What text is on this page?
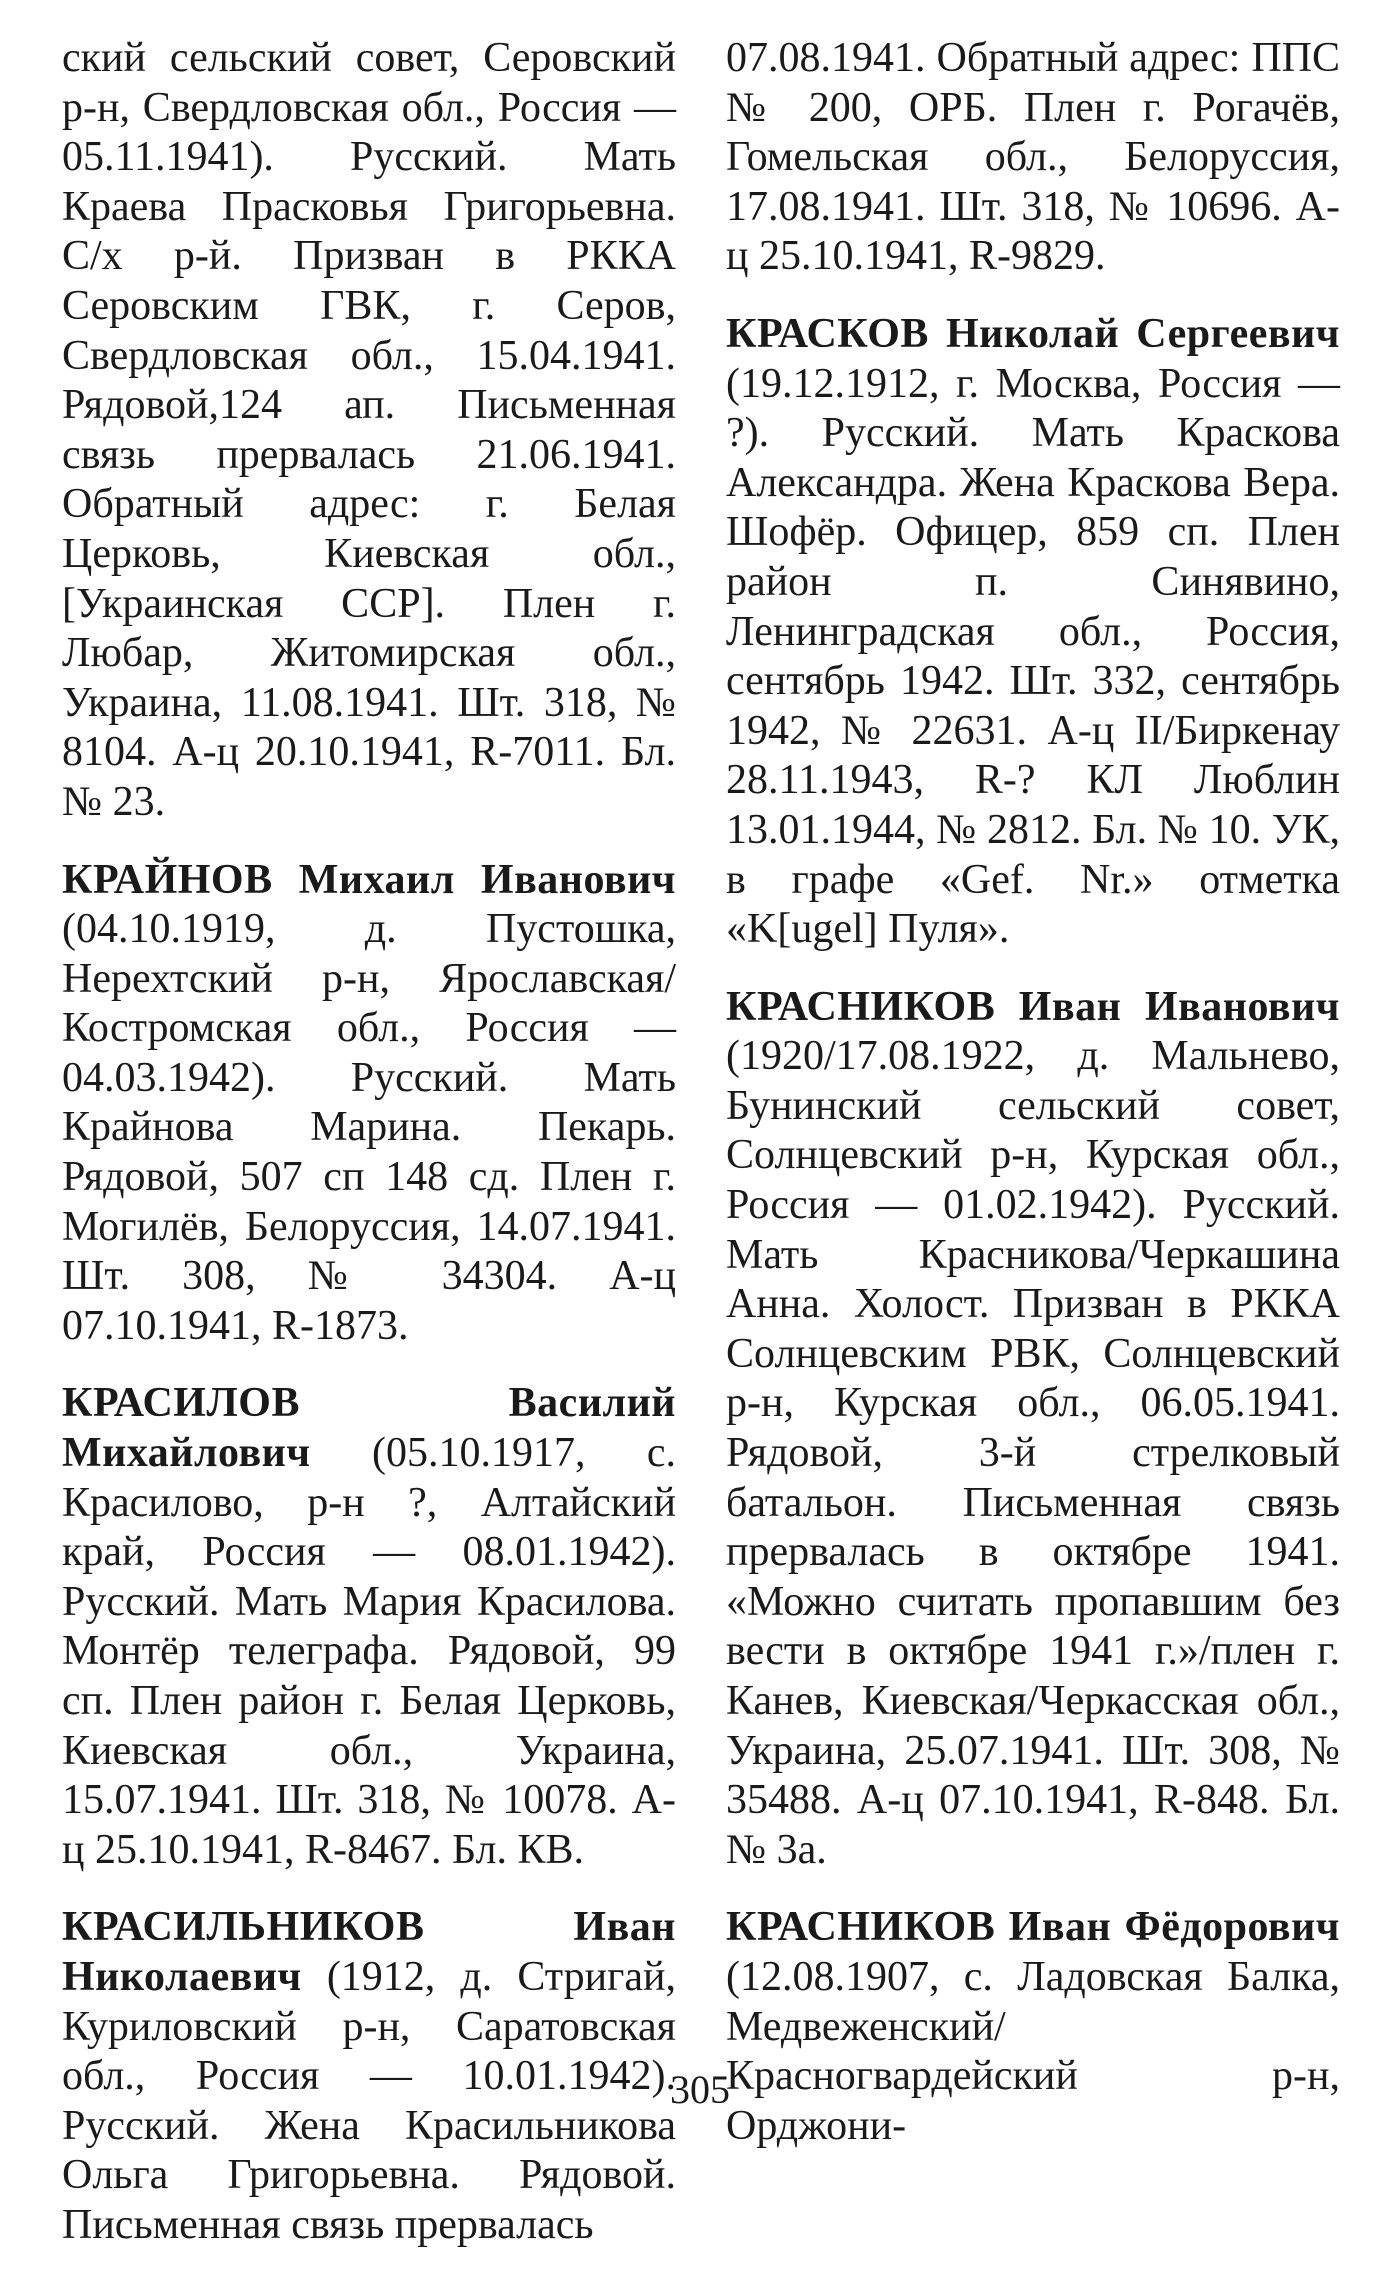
ский сельский совет, Серовский р-н, Свердловская обл., Россия — 05.11.1941). Русский. Мать Краева Прасковья Григорьевна. С/х р-й. Призван в РККА Серовским ГВК, г. Серов, Свердловская обл., 15.04.1941. Рядовой,124 ап. Письменная связь прервалась 21.06.1941. Обратный адрес: г. Белая Церковь, Киевская обл., [Украинская ССР]. Плен г. Любар, Житомирская обл., Украина, 11.08.1941. Шт. 318, № 8104. А-ц 20.10.1941, R-7011. Бл. № 23.

КРАЙНОВ Михаил Иванович (04.10.1919, д. Пустошка, Нерехтский р-н, Ярославская/Костромская обл., Россия — 04.03.1942). Русский. Мать Крайнова Марина. Пекарь. Рядовой, 507 сп 148 сд. Плен г. Могилёв, Белоруссия, 14.07.1941. Шт. 308, № 34304. А-ц 07.10.1941, R-1873.

КРАСИЛОВ Василий Михайлович (05.10.1917, с. Красилово, р-н ?, Алтайский край, Россия — 08.01.1942). Русский. Мать Мария Красилова. Монтёр телеграфа. Рядовой, 99 сп. Плен район г. Белая Церковь, Киевская обл., Украина, 15.07.1941. Шт. 318, № 10078. А-ц 25.10.1941, R-8467. Бл. КВ.

КРАСИЛЬНИКОВ Иван Николаевич (1912, д. Стригай, Куриловский р-н, Саратовская обл., Россия — 10.01.1942). Русский. Жена Красильникова Ольга Григорьевна. Рядовой. Письменная связь прервалась

07.08.1941. Обратный адрес: ППС № 200, ОРБ. Плен г. Рогачёв, Гомельская обл., Белоруссия, 17.08.1941. Шт. 318, № 10696. А-ц 25.10.1941, R-9829.

КРАСКОВ Николай Сергеевич (19.12.1912, г. Москва, Россия — ?). Русский. Мать Краскова Александра. Жена Краскова Вера. Шофёр. Офицер, 859 сп. Плен район п. Синявино, Ленинградская обл., Россия, сентябрь 1942. Шт. 332, сентябрь 1942, № 22631. А-ц II/Биркенау 28.11.1943, R-? КЛ Люблин 13.01.1944, № 2812. Бл. № 10. УК, в графе «Gef. Nr.» отметка «K[ugel] Пуля».

КРАСНИКОВ Иван Иванович (1920/17.08.1922, д. Мальнево, Бунинский сельский совет, Солнцевский р-н, Курская обл., Россия — 01.02.1942). Русский. Мать Красникова/Черкашина Анна. Холост. Призван в РККА Солнцевским РВК, Солнцевский р-н, Курская обл., 06.05.1941. Рядовой, 3-й стрелковый батальон. Письменная связь прервалась в октябре 1941. «Можно считать пропавшим без вести в октябре 1941 г.»/плен г. Канев, Киевская/Черкасская обл., Украина, 25.07.1941. Шт. 308, № 35488. А-ц 07.10.1941, R-848. Бл. № 3а.

КРАСНИКОВ Иван Фёдорович (12.08.1907, с. Ладовская Балка, Медвеженский/ Красногвардейский р-н, Орджони-

305
